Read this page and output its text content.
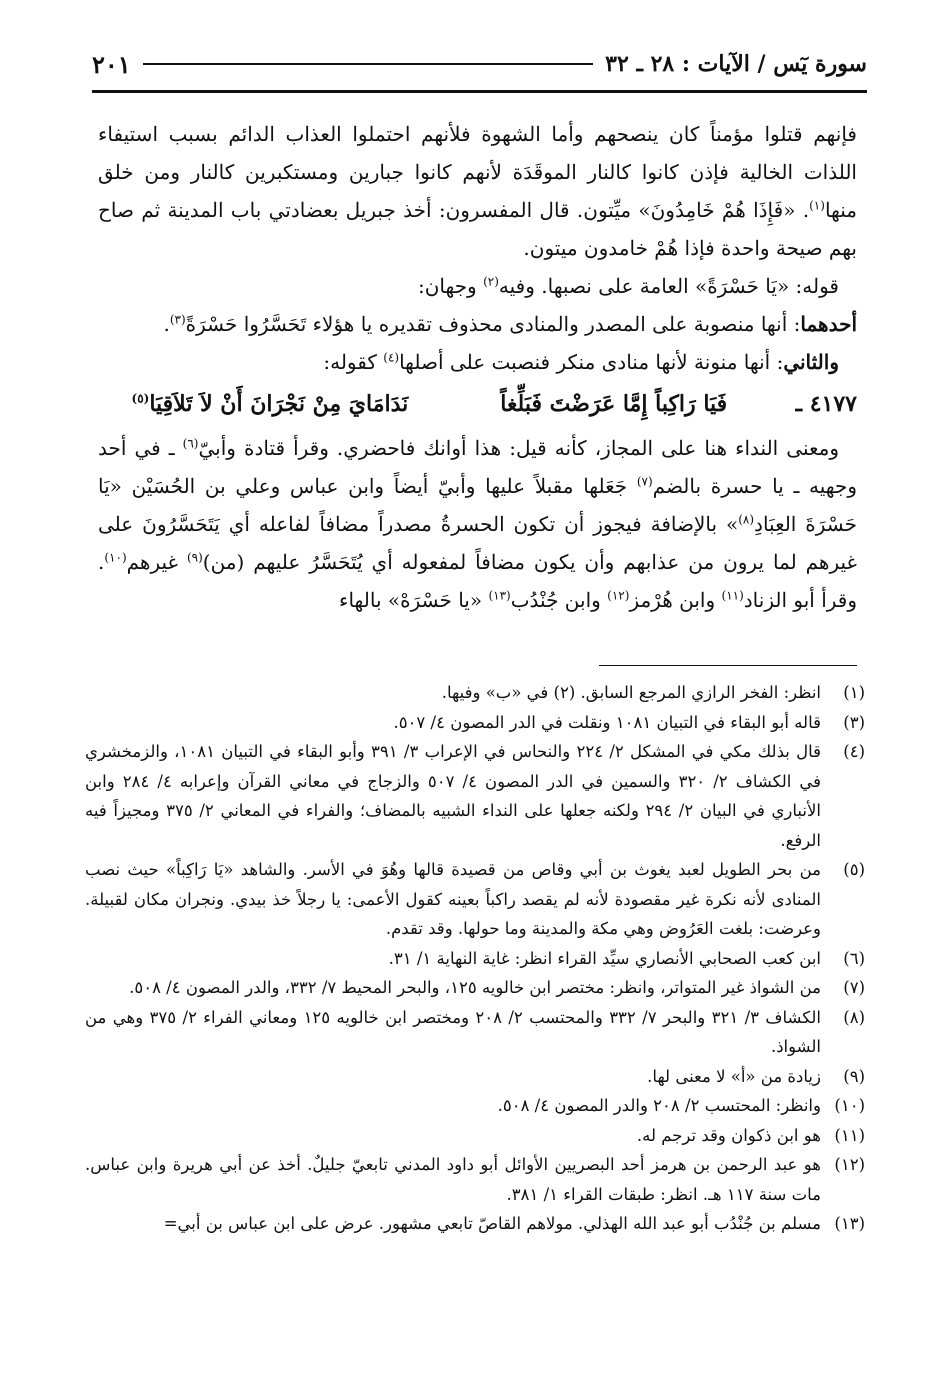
سورة يٓس / الآيات : ٢٨ ـ ٣٢
٢٠١

فإنهم قتلوا مؤمناً كان ينصحهم وأما الشهوة فلأنهم احتملوا العذاب الدائم بسبب استيفاء اللذات الخالية فإذن كانوا كالنار الموقَدَة لأنهم كانوا جبارين ومستكبرين كالنار ومن خلق منها$^{(١)}$. «فَإِذَا هُمْ خَامِدُونَ» ميِّتون. قال المفسرون: أخذ جبريل بعضادتي باب المدينة ثم صاح بهم صيحة واحدة فإذا هُمْ خامدون ميتون.

قوله: «يَا حَسْرَةً» العامة على نصبها. وفيه$^{(٢)}$ وجهان:

أحدهما: أنها منصوبة على المصدر والمنادى محذوف تقديره يا هؤلاء تَحَسَّرُوا حَسْرَةً$^{(٣)}$.

والثاني: أنها منونة لأنها منادى منكر فنصبت على أصلها$^{(٤)}$ كقوله:

٤١٧٧ ـ
فَيَا رَاكِباً إِمَّا عَرَضْتَ فَبَلِّغاً
نَدَامَايَ مِنْ نَجْرَانَ أَنْ لاَ تَلاَقِيَا$^{(٥)}$

ومعنى النداء هنا على المجاز، كأنه قيل: هذا أوانك فاحضري. وقرأ قتادة وأبيّ$^{(٦)}$ ـ في أحد وجهيه ـ يا حسرة بالضم$^{(٧)}$ جَعَلها مقبلاً عليها وأبيّ أيضاً وابن عباس وعلي بن الحُسَيْن «يَا حَسْرَةَ العِبَادِ$^{(٨)}$» بالإضافة فيجوز أن تكون الحسرةُ مصدراً مضافاً لفاعله أي يَتَحَسَّرُونَ على غيرهم لما يرون من عذابهم وأن يكون مضافاً لمفعوله أي يُتَحَسَّرُ عليهم (من)$^{(٩)}$ غيرهم$^{(١٠)}$. وقرأ أبو الزناد$^{(١١)}$ وابن هُرْمز$^{(١٢)}$ وابن جُنْدُب$^{(١٣)}$ «يا حَسْرَهْ» بالهاء

(١)
انظر: الفخر الرازي المرجع السابق. (٢) في «ب» وفيها.

(٣)
قاله أبو البقاء في التبيان ١٠٨١ ونقلت في الدر المصون ٤/ ٥٠٧.

(٤)
قال بذلك مكي في المشكل ٢/ ٢٢٤ والنحاس في الإعراب ٣/ ٣٩١ وأبو البقاء في التبيان ١٠٨١، والزمخشري في الكشاف ٢/ ٣٢٠ والسمين في الدر المصون ٤/ ٥٠٧ والزجاج في معاني القرآن وإعرابه ٤/ ٢٨٤ وابن الأنباري في البيان ٢/ ٢٩٤ ولكنه جعلها على النداء الشبيه بالمضاف؛ والفراء في المعاني ٢/ ٣٧٥ ومجيزاً فيه الرفع.

(٥)
من بحر الطويل لعبد يغوث بن أبي وقاص من قصيدة قالها وهُوَ في الأسر. والشاهد «يَا رَاكِباً» حيث نصب المنادى لأنه نكرة غير مقصودة لأنه لم يقصد راكباً بعينه كقول الأعمى: يا رجلاً خذ بيدي. ونجران مكان لقبيلة. وعرضت: بلغت العَرُوض وهي مكة والمدينة وما حولها. وقد تقدم.

(٦)
ابن كعب الصحابي الأنصاري سيِّد القراء انظر: غاية النهاية ١/ ٣١.

(٧)
من الشواذ غير المتواتر، وانظر: مختصر ابن خالويه ١٢٥، والبحر المحيط ٧/ ٣٣٢، والدر المصون ٤/ ٥٠٨.

(٨)
الكشاف ٣/ ٣٢١ والبحر ٧/ ٣٣٢ والمحتسب ٢/ ٢٠٨ ومختصر ابن خالويه ١٢٥ ومعاني الفراء ٢/ ٣٧٥ وهي من الشواذ.

(٩)
زيادة من «أ» لا معنى لها.

(١٠)
وانظر: المحتسب ٢/ ٢٠٨ والدر المصون ٤/ ٥٠٨.

(١١)
هو ابن ذكوان وقد ترجم له.

(١٢)
هو عبد الرحمن بن هرمز أحد البصريين الأوائل أبو داود المدني تابعيّ جليلٌ. أخذ عن أبي هريرة وابن عباس. مات سنة ١١٧ هـ. انظر: طبقات القراء ١/ ٣٨١.

(١٣)
مسلم بن جُنْدُب أبو عبد الله الهذلي. مولاهم القاصّ تابعي مشهور. عرض على ابن عباس بن أبي=
